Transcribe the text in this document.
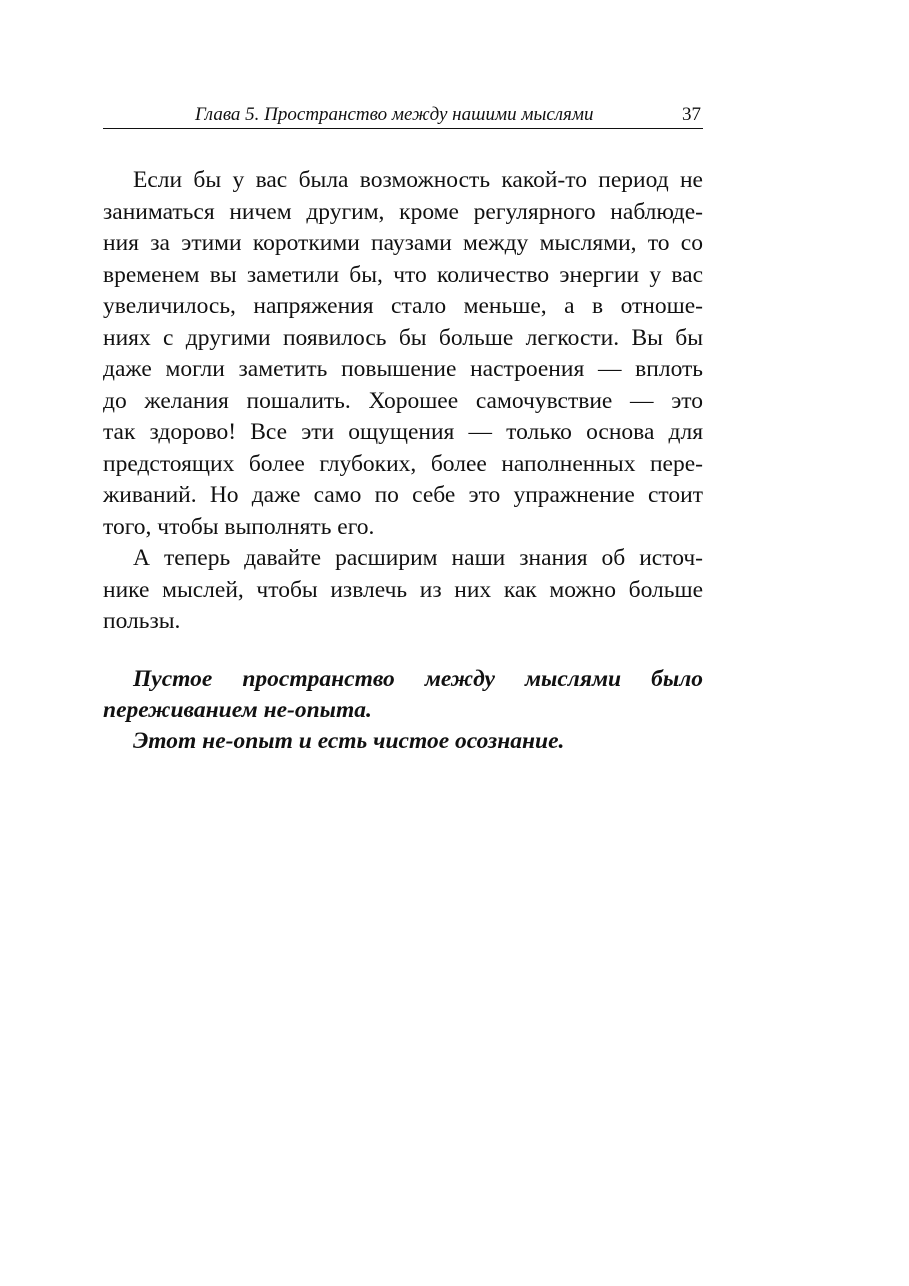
Глава 5. Пространство между нашими мыслями	37
Если бы у вас была возможность какой-то период не
заниматься ничем другим, кроме регулярного наблюде-
ния за этими короткими паузами между мыслями, то со
временем вы заметили бы, что количество энергии у вас
увеличилось, напряжения стало меньше, а в отноше-
ниях с другими появилось бы больше легкости. Вы бы
даже могли заметить повышение настроения — вплоть
до желания пошалить. Хорошее самочувствие — это
так здорово! Все эти ощущения — только основа для
предстоящих более глубоких, более наполненных пере-
живаний. Но даже само по себе это упражнение стоит
того, чтобы выполнять его.
А теперь давайте расширим наши знания об источ-
нике мыслей, чтобы извлечь из них как можно больше
пользы.
Пустое пространство между мыслями было
переживанием не-опыта.
Этот не-опыт и есть чистое осознание.
